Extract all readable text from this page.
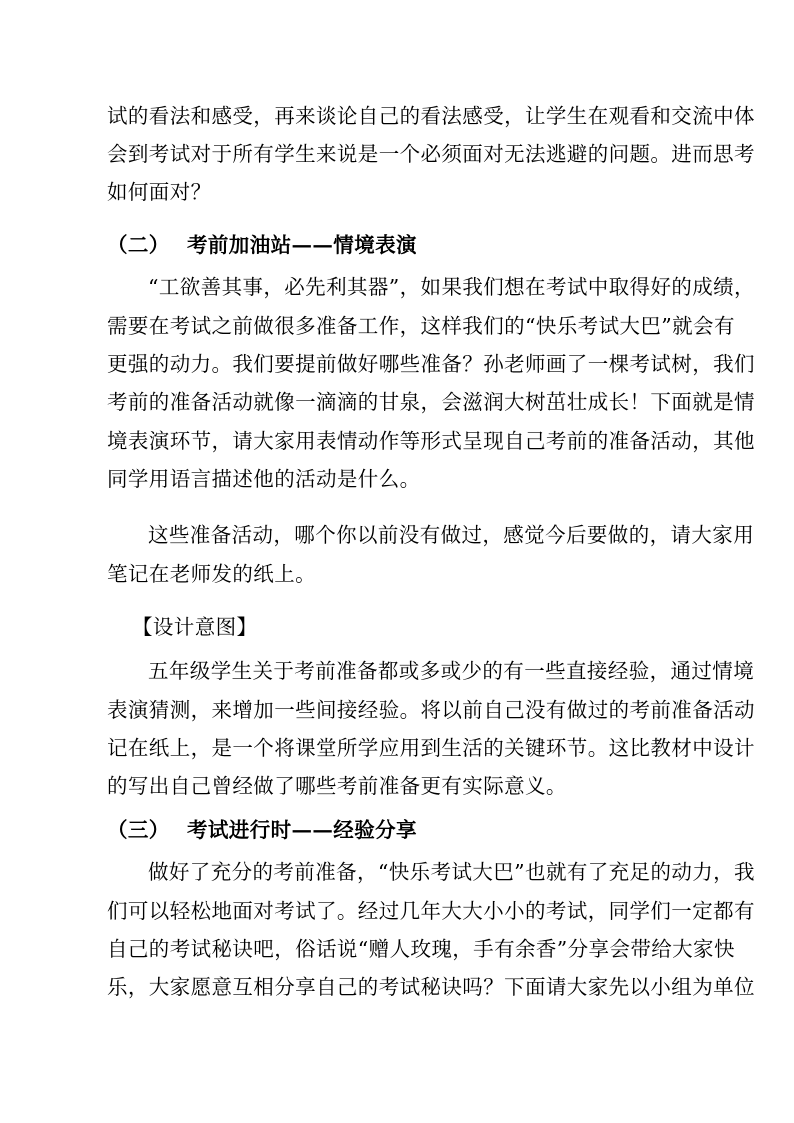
试的看法和感受，再来谈论自己的看法感受，让学生在观看和交流中体
会到考试对于所有学生来说是一个必须面对无法逃避的问题。进而思考
如何面对？
（二） 考前加油站——情境表演
“工欲善其事，必先利其器”，如果我们想在考试中取得好的成绩，
需要在考试之前做很多准备工作，这样我们的“快乐考试大巴”就会有
更强的动力。我们要提前做好哪些准备？孙老师画了一棵考试树，我们
考前的准备活动就像一滴滴的甘泉，会滋润大树茁壮成长！下面就是情
境表演环节，请大家用表情动作等形式呈现自己考前的准备活动，其他
同学用语言描述他的活动是什么。
这些准备活动，哪个你以前没有做过，感觉今后要做的，请大家用
笔记在老师发的纸上。
【设计意图】
五年级学生关于考前准备都或多或少的有一些直接经验，通过情境
表演猜测，来增加一些间接经验。将以前自己没有做过的考前准备活动
记在纸上，是一个将课堂所学应用到生活的关键环节。这比教材中设计
的写出自己曾经做了哪些考前准备更有实际意义。
（三） 考试进行时——经验分享
做好了充分的考前准备，“快乐考试大巴”也就有了充足的动力，我
们可以轻松地面对考试了。经过几年大大小小的考试，同学们一定都有
自己的考试秘诀吧，俗话说“赠人玫瑰，手有余香”分享会带给大家快
乐，大家愿意互相分享自己的考试秘诀吗？下面请大家先以小组为单位
